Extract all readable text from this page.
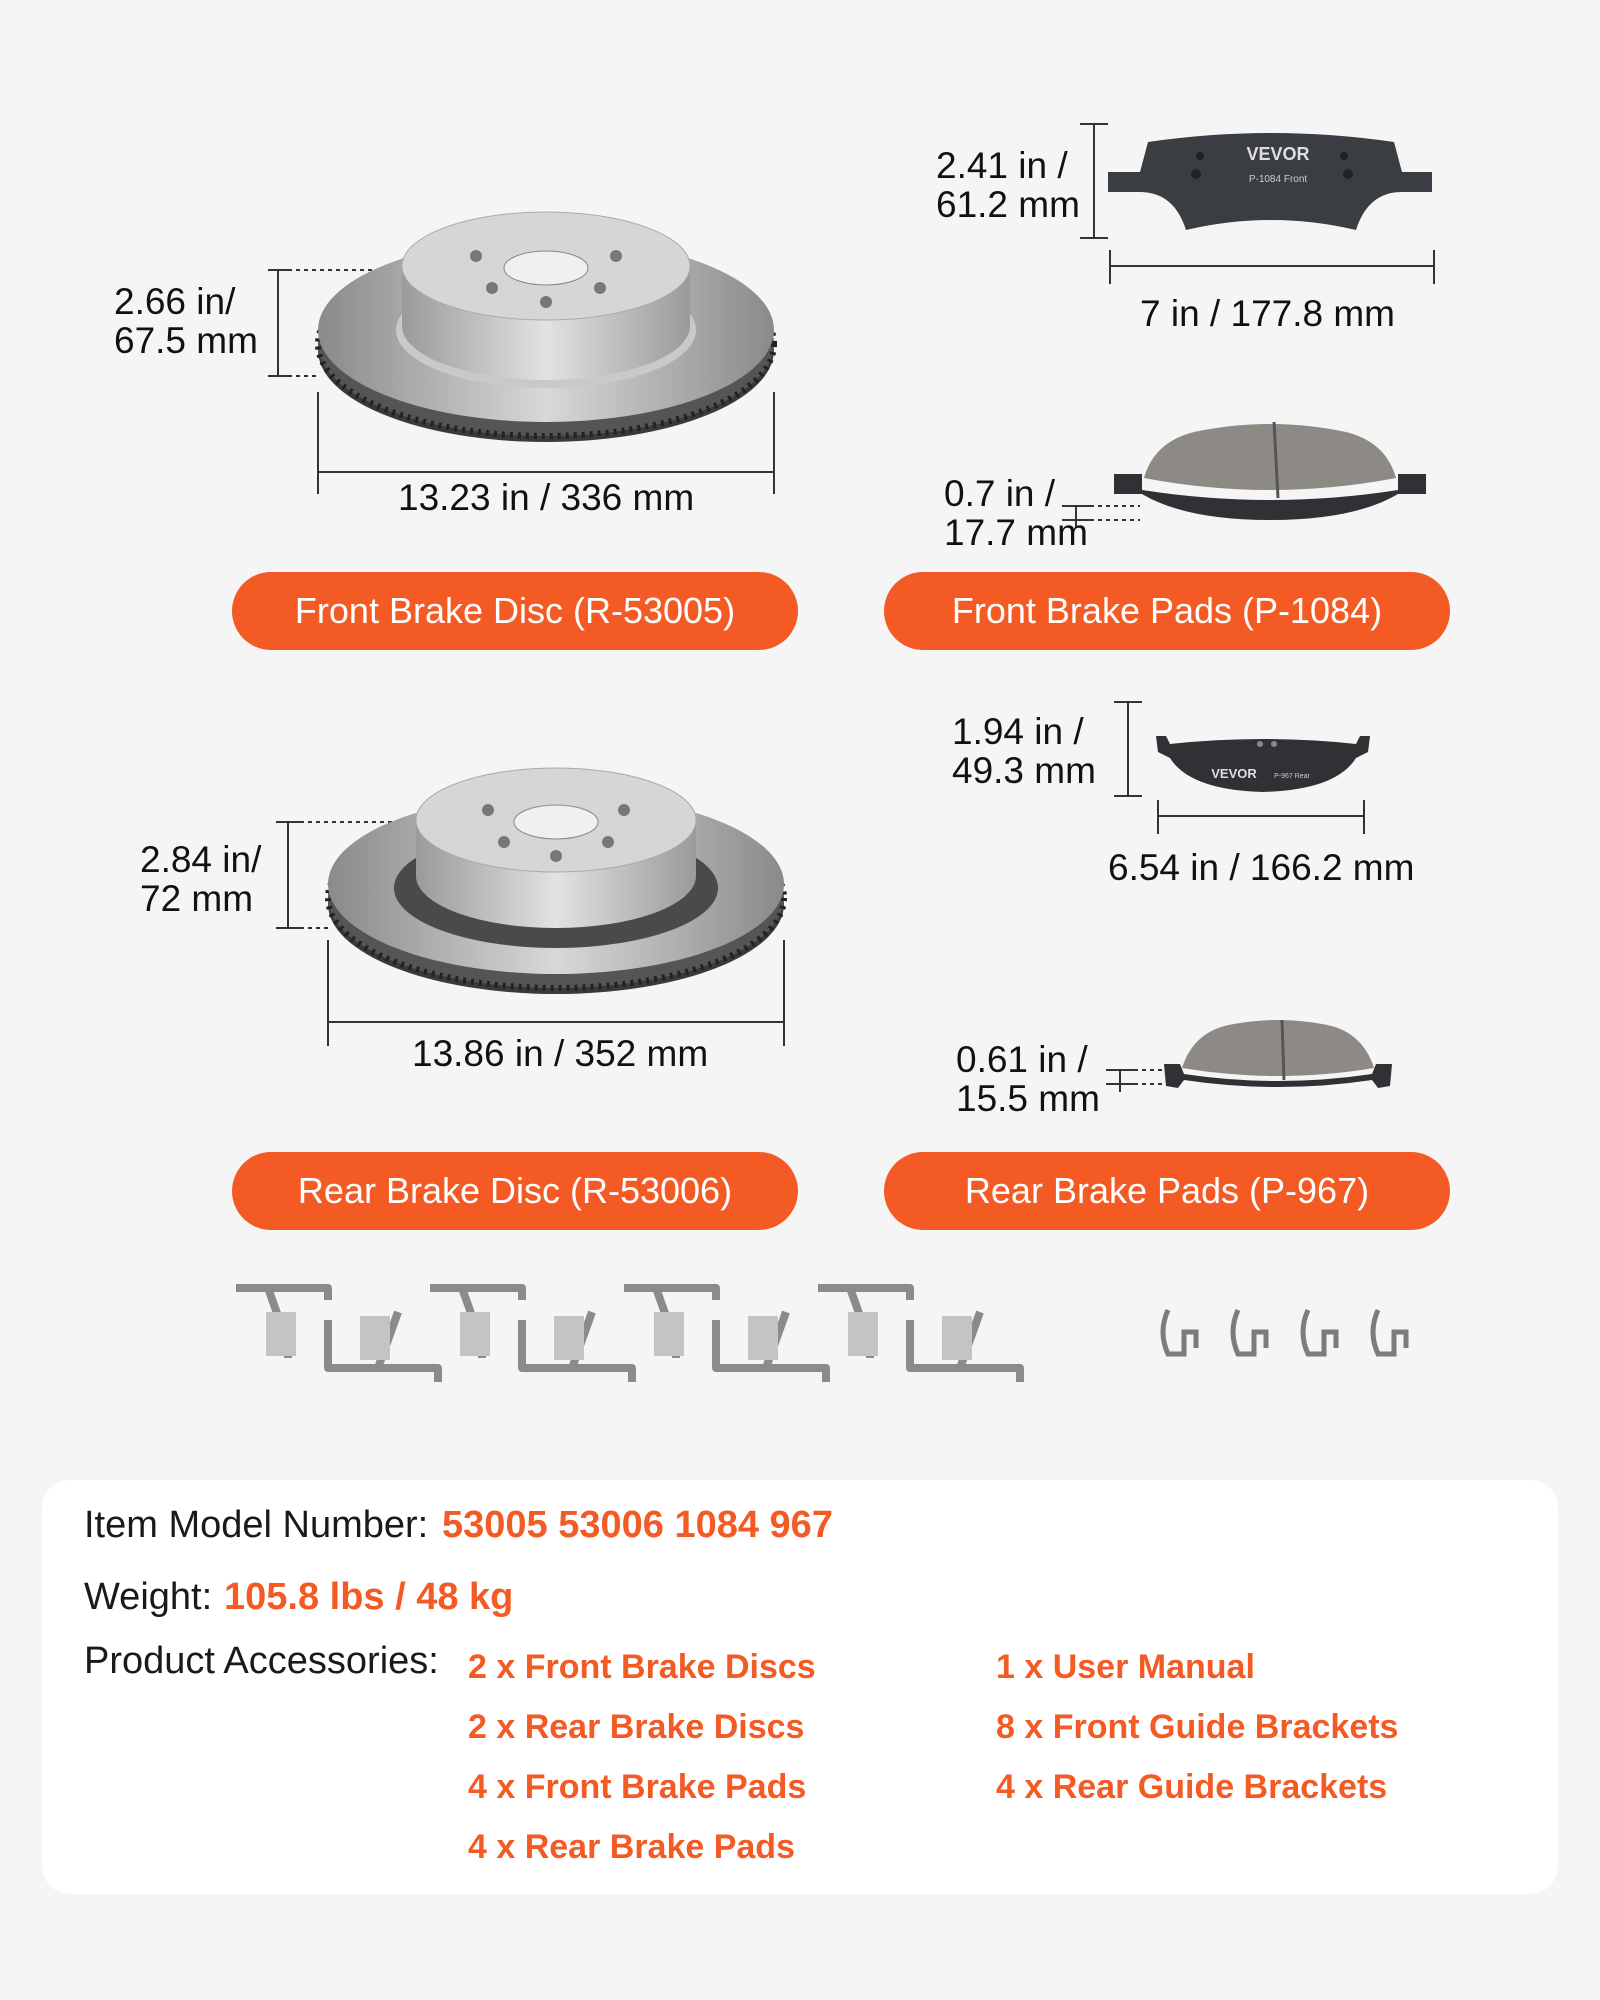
2.66 in/
67.5 mm
13.23 in / 336 mm
Front Brake Disc (R-53005)
2.41 in /
61.2 mm
VEVOR
P-1084 Front
7 in / 177.8 mm
0.7 in /
17.7 mm
Front Brake Pads (P-1084)
2.84 in/
72 mm
13.86 in / 352 mm
Rear Brake Disc (R-53006)
1.94 in /
49.3 mm	VEVOR P-967 Rear
6.54 in / 166.2 mm
0.61 in /
15.5 mm
Rear Brake Pads (P-967)
Item Model Number: 53005 53006 1084 967
Weight: 105.8 lbs / 48 kg
Product Accessories: 2 x Front Brake Discs
2 x Rear Brake Discs
4 x Front Brake Pads
4 x Rear Brake Pads
1 x User Manual
8 x Front Guide Brackets
4 x Rear Guide Brackets
